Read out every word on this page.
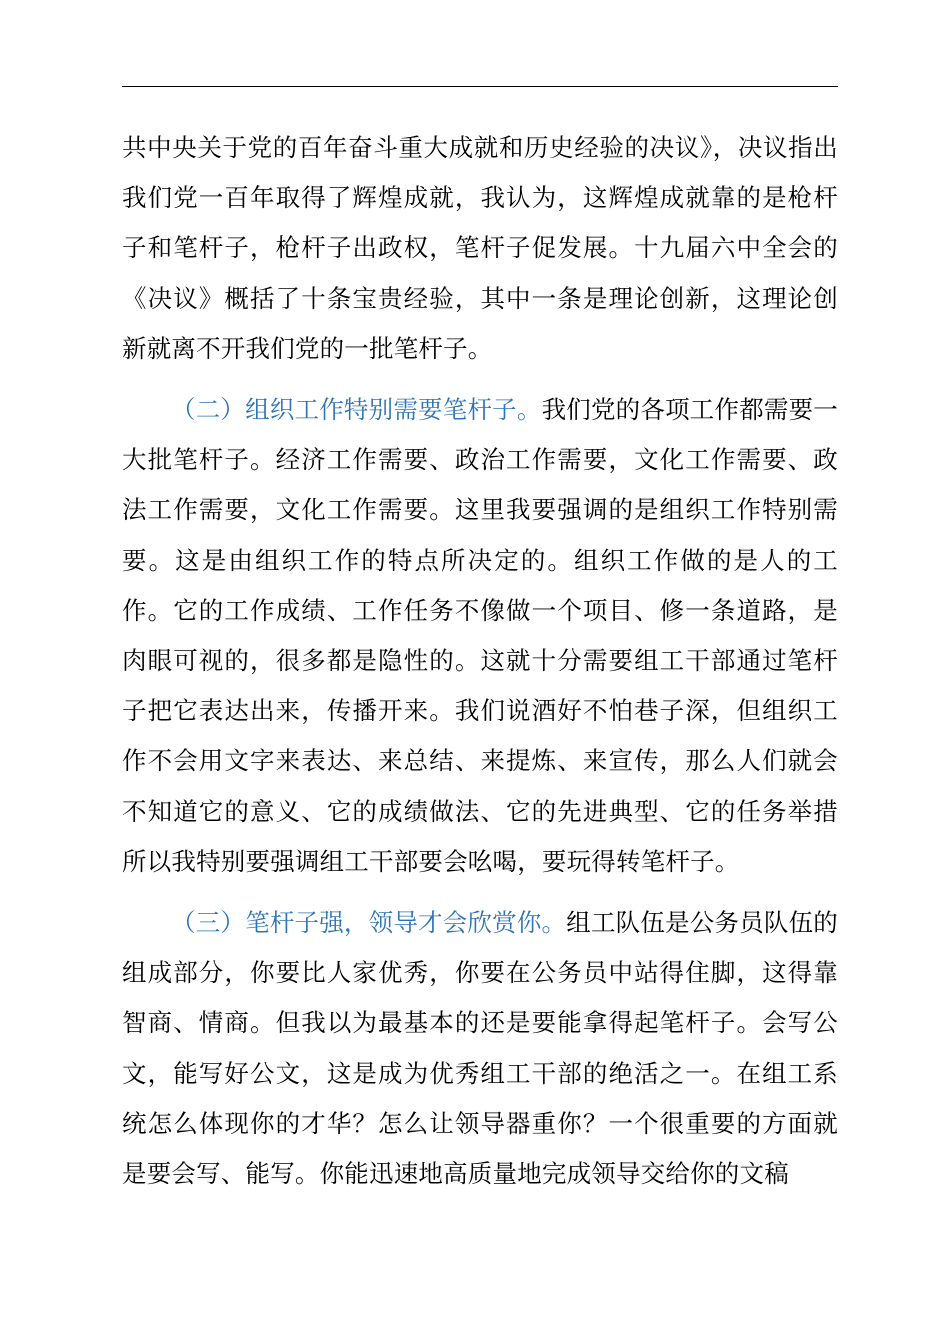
共中央关于党的百年奋斗重大成就和历史经验的决议》，决议指出我们党一百年取得了辉煌成就，我认为，这辉煌成就靠的是枪杆子和笔杆子，枪杆子出政权，笔杆子促发展。十九届六中全会的《决议》概括了十条宝贵经验，其中一条是理论创新，这理论创新就离不开我们党的一批笔杆子。

（二）组织工作特别需要笔杆子。我们党的各项工作都需要一大批笔杆子。经济工作需要、政治工作需要，文化工作需要、政法工作需要，文化工作需要。这里我要强调的是组织工作特别需要。这是由组织工作的特点所决定的。组织工作做的是人的工作。它的工作成绩、工作任务不像做一个项目、修一条道路，是肉眼可视的，很多都是隐性的。这就十分需要组工干部通过笔杆子把它表达出来，传播开来。我们说酒好不怕巷子深，但组织工作不会用文字来表达、来总结、来提炼、来宣传，那么人们就会不知道它的意义、它的成绩做法、它的先进典型、它的任务举措所以我特别要强调组工干部要会吆喝，要玩得转笔杆子。

（三）笔杆子强，领导才会欣赏你。组工队伍是公务员队伍的组成部分，你要比人家优秀，你要在公务员中站得住脚，这得靠智商、情商。但我以为最基本的还是要能拿得起笔杆子。会写公文，能写好公文，这是成为优秀组工干部的绝活之一。在组工系统怎么体现你的才华？怎么让领导器重你？一个很重要的方面就是要会写、能写。你能迅速地高质量地完成领导交给你的文稿
